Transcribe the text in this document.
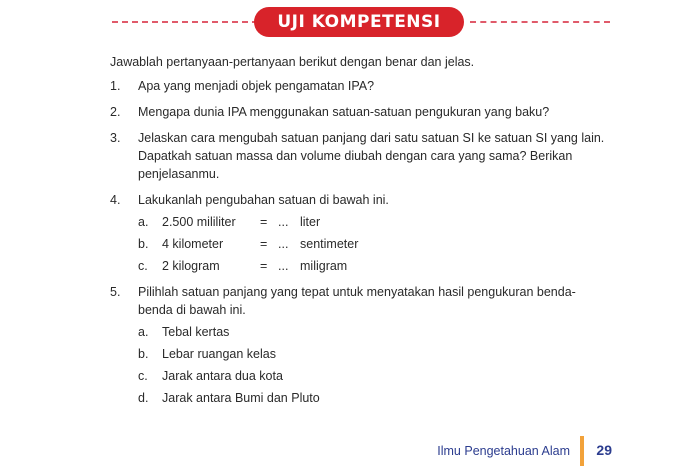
UJI KOMPETENSI

Jawablah pertanyaan-pertanyaan berikut dengan benar dan jelas.

1. Apa yang menjadi objek pengamatan IPA?
2. Mengapa dunia IPA menggunakan satuan-satuan pengukuran yang baku?
3. Jelaskan cara mengubah satuan panjang dari satu satuan SI ke satuan SI yang lain. Dapatkah satuan massa dan volume diubah dengan cara yang sama? Berikan penjelasanmu.
4. Lakukanlah pengubahan satuan di bawah ini.
a. 2.500 mililiter = ... liter
b. 4 kilometer	= ... sentimeter
c. 2 kilogram	= ... miligram
5. Pilihlah satuan panjang yang tepat untuk menyatakan hasil pengukuran benda-benda di bawah ini.
a. Tebal kertas
b. Lebar ruangan kelas
c. Jarak antara dua kota
d. Jarak antara Bumi dan Pluto
Ilmu Pengetahuan Alam 29
